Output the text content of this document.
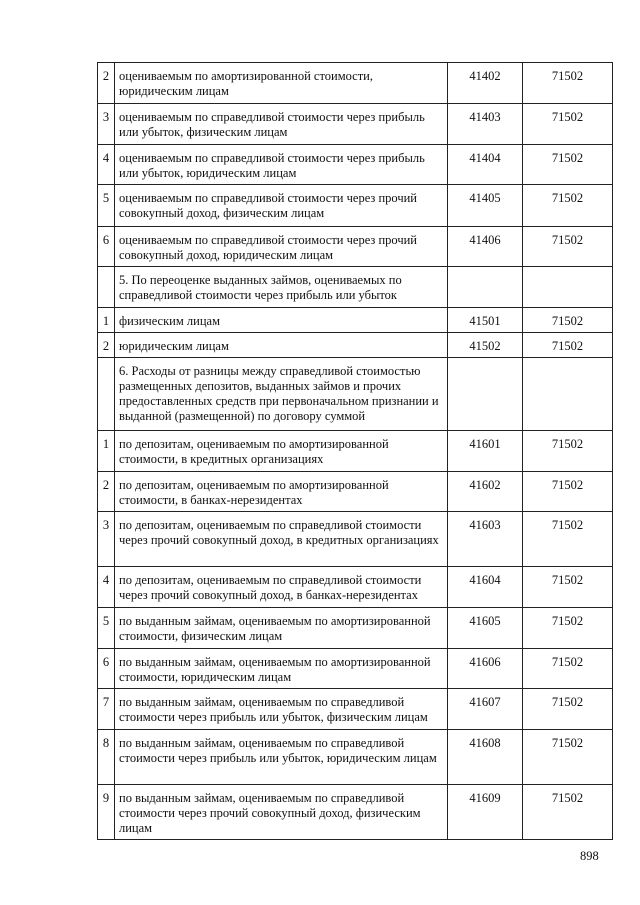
2	оцениваемым по амортизированной стоимости, юридическим лицам	41402	71502
3	оцениваемым по справедливой стоимости через прибыль или убыток, физическим лицам	41403	71502
4	оцениваемым по справедливой стоимости через прибыль или убыток, юридическим лицам	41404	71502
5	оцениваемым по справедливой стоимости через прочий совокупный доход, физическим лицам	41405	71502
6	оцениваемым по справедливой стоимости через прочий совокупный доход, юридическим лицам	41406	71502
	5. По переоценке выданных займов, оцениваемых по справедливой стоимости через прибыль или убыток		
1	физическим лицам	41501	71502
2	юридическим лицам	41502	71502
	6. Расходы от разницы между справедливой стоимостью размещенных депозитов, выданных займов и прочих предоставленных средств при первоначальном признании и выданной (размещенной) по договору суммой		
1	по депозитам, оцениваемым по амортизированной стоимости, в кредитных организациях	41601	71502
2	по депозитам, оцениваемым по амортизированной стоимости, в банках-нерезидентах	41602	71502
3	по депозитам, оцениваемым по справедливой стоимости через прочий совокупный доход, в кредитных организациях	41603	71502
4	по депозитам, оцениваемым по справедливой стоимости через прочий совокупный доход, в банках-нерезидентах	41604	71502
5	по выданным займам, оцениваемым по амортизированной стоимости, физическим лицам	41605	71502
6	по выданным займам, оцениваемым по амортизированной стоимости, юридическим лицам	41606	71502
7	по выданным займам, оцениваемым по справедливой стоимости через прибыль или убыток, физическим лицам	41607	71502
8	по выданным займам, оцениваемым по справедливой стоимости через прибыль или убыток, юридическим лицам	41608	71502
9	по выданным займам, оцениваемым по справедливой стоимости через прочий совокупный доход, физическим лицам	41609	71502
898
